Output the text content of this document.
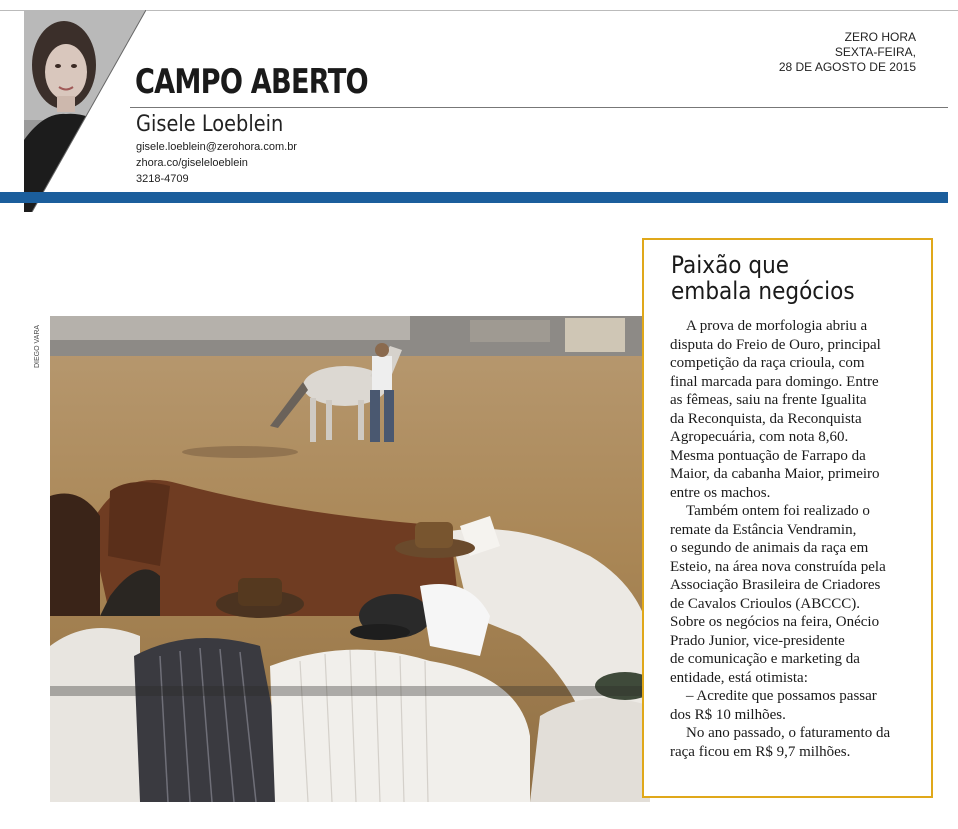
CAMPO ABERTO
ZERO HORA
SEXTA-FEIRA,
28 DE AGOSTO DE 2015
Gisele Loeblein
gisele.loeblein@zerohora.com.br
zhora.co/giseleloeblein
3218-4709
DIEGO VARA
Paixão que
embala negócios
A prova de morfologia abriu a
disputa do Freio de Ouro, principal
competição da raça crioula, com
final marcada para domingo. Entre
as fêmeas, saiu na frente Igualita
da Reconquista, da Reconquista
Agropecuária, com nota 8,60.
Mesma pontuação de Farrapo da
Maior, da cabanha Maior, primeiro
entre os machos.
Também ontem foi realizado o
remate da Estância Vendramin,
o segundo de animais da raça em
Esteio, na área nova construída pela
Associação Brasileira de Criadores
de Cavalos Crioulos (ABCCC).
Sobre os negócios na feira, Onécio
Prado Junior, vice-presidente
de comunicação e marketing da
entidade, está otimista:
– Acredite que possamos passar
dos R$ 10 milhões.
No ano passado, o faturamento da
raça ficou em R$ 9,7 milhões.
